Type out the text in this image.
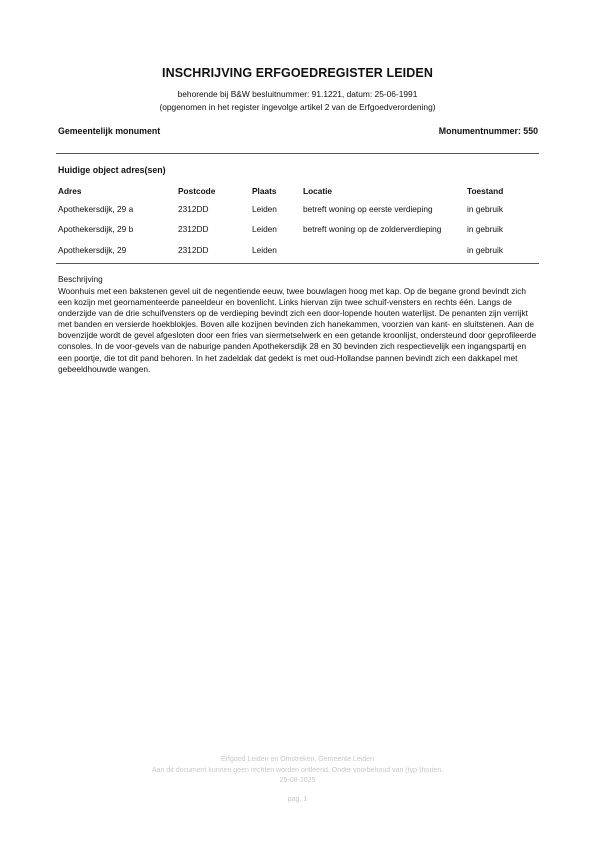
INSCHRIJVING ERFGOEDREGISTER LEIDEN
behorende bij B&W besluitnummer: 91.1221, datum: 25-06-1991
(opgenomen in het register ingevolge artikel 2 van de Erfgoedverordening)
Gemeentelijk monument	Monumentnummer: 550
Huidige object adres(sen)
Adres	Postcode	Plaats	Locatie	Toestand
Apothekersdijk, 29 a	2312DD	Leiden	betreft woning op eerste verdieping	in gebruik
Apothekersdijk, 29 b	2312DD	Leiden	betreft woning op de zolderverdieping	in gebruik
Apothekersdijk, 29	2312DD	Leiden		in gebruik
Beschrijving
Woonhuis met een bakstenen gevel uit de negentiende eeuw, twee bouwlagen hoog met kap. Op de begane grond bevindt zich een kozijn met geornamenteerde paneeldeur en bovenlicht. Links hiervan zijn twee schuif-vensters en rechts één. Langs de onderzijde van de drie schuifvensters op de verdieping bevindt zich een door-lopende houten waterlijst. De penanten zijn verrijkt met banden en versierde hoekblokjes. Boven alle kozijnen bevinden zich hanekammen, voorzien van kant- en sluitstenen. Aan de bovenzijde wordt de gevel afgesloten door een fries van siermetselwerk en een getande kroonlijst, ondersteund door geprofileerde consoles. In de voor-gevels van de naburige panden Apothekersdijk 28 en 30 bevinden zich respectievelijk een ingangspartij en een poortje, die tot dit pand behoren. In het zadeldak dat gedekt is met oud-Hollandse pannen bevindt zich een dakkapel met gebeeldhouwde wangen.
Erfgoed Leiden en Omstreken, Gemeente Leiden
Aan dit document kunnen geen rechten worden ontleend. Onder voorbehoud van (typ-)fouten.
25-08-2025
pag. 1
